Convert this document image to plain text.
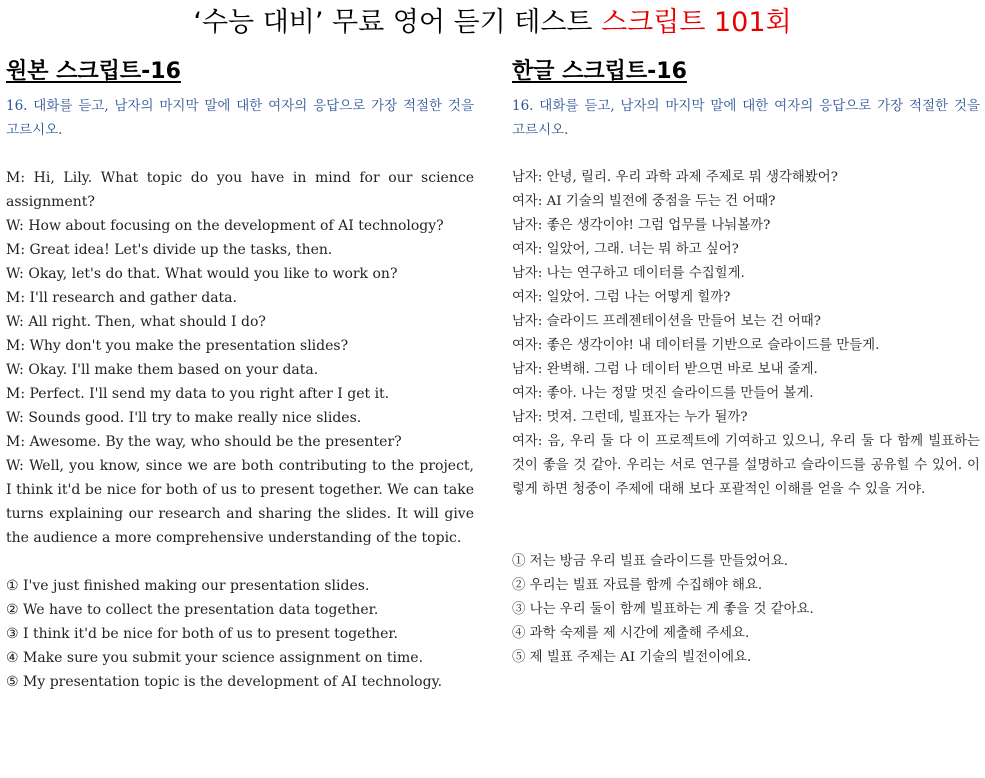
‘수능 대비’ 무료 영어 듣기 테스트 스크립트 101회
원본 스크립트-16
16. 대화를 듣고, 남자의 마지막 말에 대한 여자의 응답으로 가장 적절한 것을 고르시오.

M: Hi, Lily. What topic do you have in mind for our science assignment?

W: How about focusing on the development of AI technology?

M: Great idea! Let's divide up the tasks, then.

W: Okay, let's do that. What would you like to work on?

M: I'll research and gather data.

W: All right. Then, what should I do?

M: Why don't you make the presentation slides?

W: Okay. I'll make them based on your data.

M: Perfect. I'll send my data to you right after I get it.

W: Sounds good. I'll try to make really nice slides.

M: Awesome. By the way, who should be the presenter?

W: Well, you know, since we are both contributing to the project, I think it'd be nice for both of us to present together. We can take turns explaining our research and sharing the slides. It will give the audience a more comprehensive understanding of the topic.

① I've just finished making our presentation slides.

② We have to collect the presentation data together.

③ I think it'd be nice for both of us to present together.

④ Make sure you submit your science assignment on time.

⑤ My presentation topic is the development of AI technology.

한글 스크립트-16
16. 대화를 듣고, 남자의 마지막 말에 대한 여자의 응답으로 가장 적절한 것을 고르시오.

남자: 안녕, 릴리. 우리 과학 과제 주제로 뭐 생각해봤어?

여자: AI 기술의 빌전에 중점을 두는 건 어때?

남자: 좋은 생각이야! 그럼 업무를 나눠볼까?

여자: 일았어, 그래. 너는 뭐 하고 싶어?

남자: 나는 연구하고 데이터를 수집힐게.

여자: 일았어. 그럼 나는 어떻게 힐까?

남자: 슬라이드 프레젠테이션을 만들어 보는 건 어때?

여자: 좋은 생각이야! 내 데이터를 기반으로 슬라이드를 만들게.

남자: 완벽해. 그럼 나 데이터 받으면 바로 보내 줄게.

여자: 좋아. 나는 정말 멋진 슬라이드를 만들어 볼게.

남자: 멋져. 그런데, 빌표자는 누가 될까?

여자: 음, 우리 둘 다 이 프로젝트에 기여하고 있으니, 우리 둘 다 함께 빌표하는 것이 좋을 것 같아. 우리는 서로 연구를 설명하고 슬라이드를 공유힐 수 있어. 이렇게 하면 청중이 주제에 대해 보다 포괄적인 이해를 얻을 수 있을 거야.

① 저는 방금 우리 빌표 슬라이드를 만들었어요.

② 우리는 빌표 자료를 함께 수집해야 해요.

③ 나는 우리 둘이 함께 빌표하는 게 좋을 것 같아요.

④ 과학 숙제를 제 시간에 제출해 주세요.

⑤ 제 빌표 주제는 AI 기술의 빌전이에요.
